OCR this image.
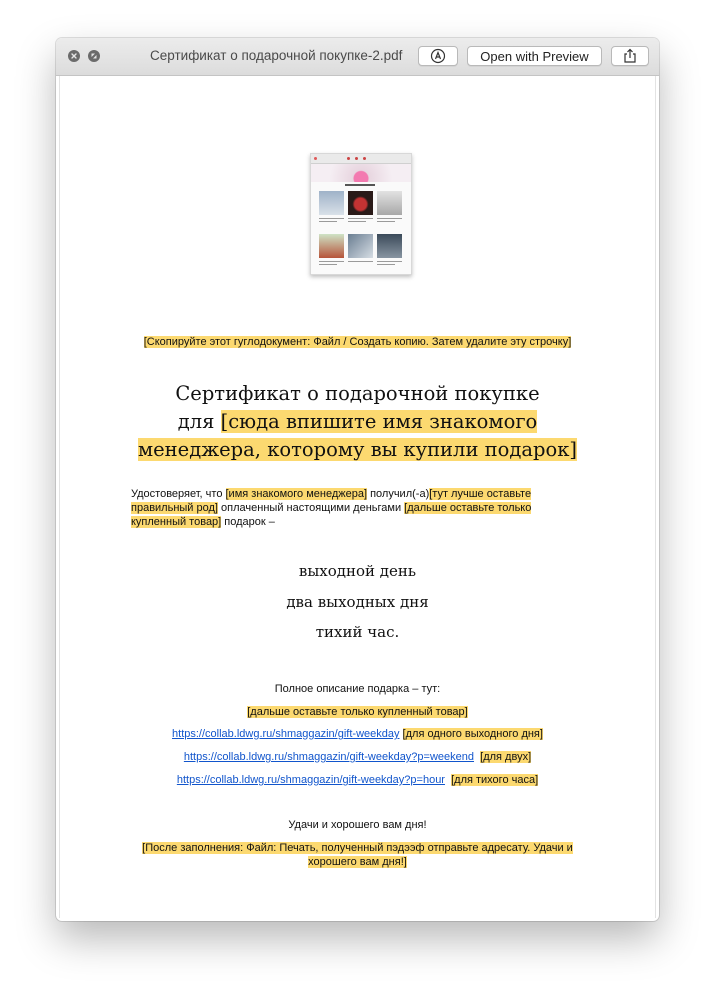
Сертификат о подарочной покупке-2.pdf	Open with Preview
[Скопируйте этот гуглодокумент: Файл / Создать копию. Затем удалите эту строчку]
Сертификат о подарочной покупке
для [сюда впишите имя знакомого
менеджера, которому вы купили подарок]
Удостоверяет, что [имя знакомого менеджера] получил(-а)[тут лучше оставьте
правильный род] оплаченный настоящими деньгами [дальше оставьте только
купленный товар] подарок –
выходной день
два выходных дня
тихий час.
Полное описание подарка – тут:
[дальше оставьте только купленный товар]
https://collab.ldwg.ru/shmaggazin/gift-weekday [для одного выходного дня]
https://collab.ldwg.ru/shmaggazin/gift-weekday?p=weekend [для двух]
https://collab.ldwg.ru/shmaggazin/gift-weekday?p=hour [для тихого часа]
Удачи и хорошего вам дня!
[После заполнения: Файл: Печать, полученный пэдээф отправьте адресату. Удачи и
хорошего вам дня!]
